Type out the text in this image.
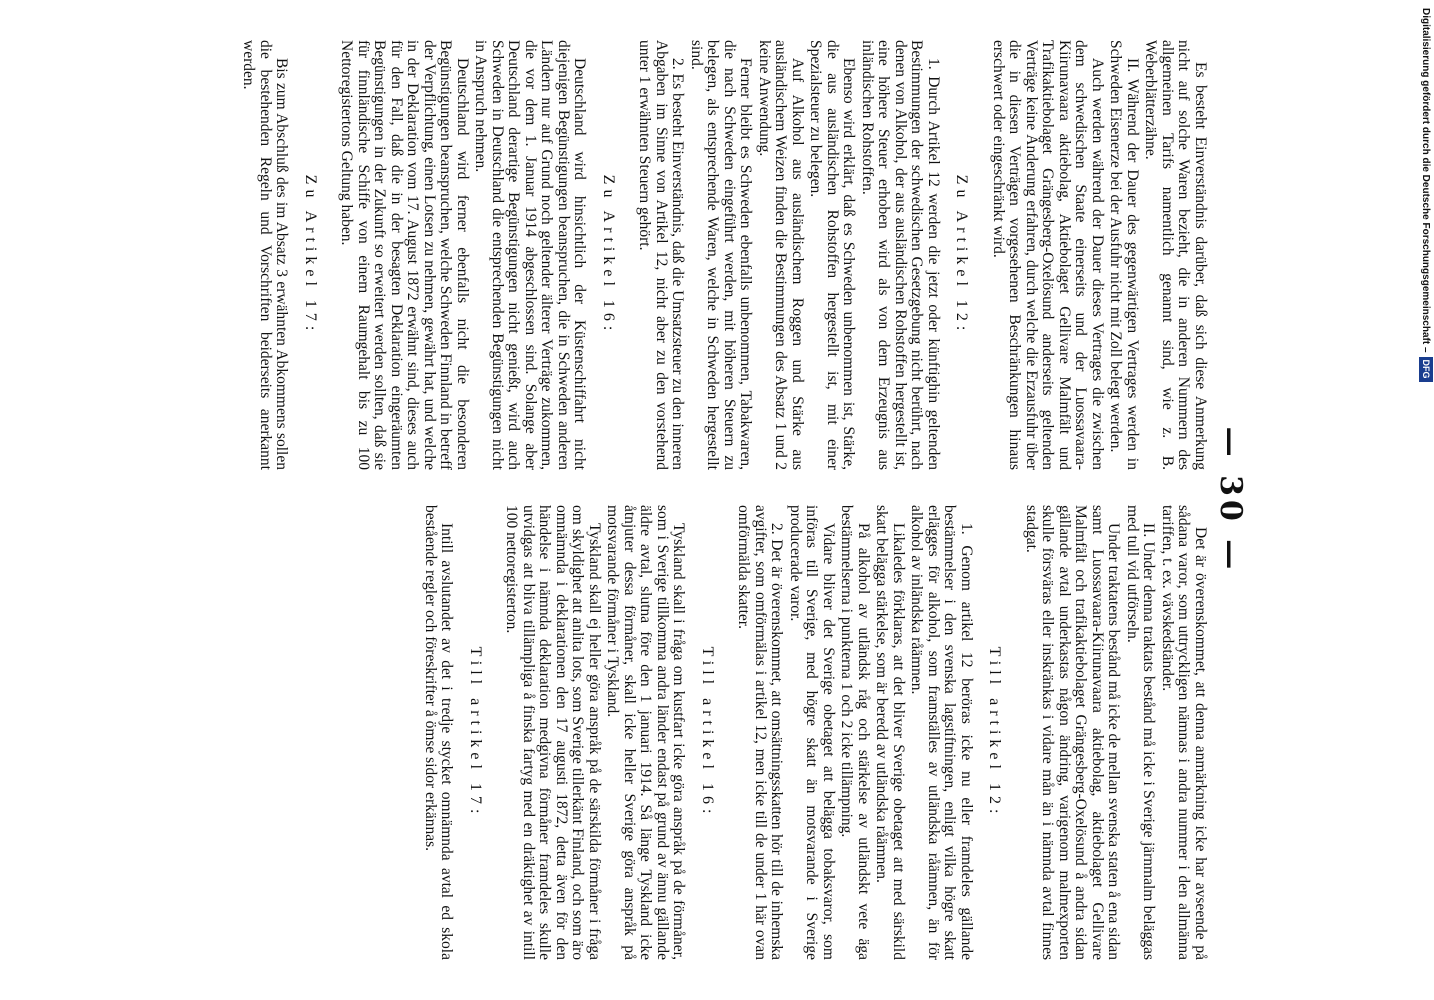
— 30 —

Es besteht Einverständnis darüber, daß sich diese Anmerkung nicht auf solche Waren bezieht, die in anderen Nummern des allgemeinen Tarifs namentlich genannt sind, wie z. B. Weberblätterzähne.

II. Während der Dauer des gegenwärtigen Vertrages werden in Schweden Eisenerze bei der Ausfuhr nicht mit Zoll belegt werden.

Auch werden während der Dauer dieses Vertrages die zwischen dem schwedischen Staate einerseits und der Luossavaara-Kiirunavaara aktiebolag, Aktiebolaget Gellivare Malmfält und Trafikaktiebolaget Grängesberg-Oxelösund anderseits geltenden Verträge keine Änderung erfahren, durch welche die Erzausfuhr über die in diesen Verträgen vorgesehenen Beschränkungen hinaus erschwert oder eingeschränkt wird.

Zu Artikel 12:

1. Durch Artikel 12 werden die jetzt oder künftighin geltenden Bestimmungen der schwedischen Gesetzgebung nicht berührt, nach denen von Alkohol, der aus ausländischen Rohstoffen hergestellt ist, eine höhere Steuer erhoben wird als von dem Erzeugnis aus inländischen Rohstoffen.

Ebenso wird erklärt, daß es Schweden unbenommen ist, Stärke, die aus ausländischen Rohstoffen hergestellt ist, mit einer Spezialsteuer zu belegen.

Auf Alkohol aus ausländischem Roggen und Stärke aus ausländischem Weizen finden die Bestimmungen des Absatz 1 und 2 keine Anwendung.

Ferner bleibt es Schweden ebenfalls unbenommen, Tabakwaren, die nach Schweden eingeführt werden, mit höheren Steuern zu belegen, als entsprechende Waren, welche in Schweden hergestellt sind.

2. Es besteht Einverständnis, daß die Umsatzsteuer zu den inneren Abgaben im Sinne von Artikel 12, nicht aber zu den vorstehend unter 1 erwähnten Steuern gehört.

Zu Artikel 16:

Deutschland wird hinsichtlich der Küstenschiffahrt nicht diejenigen Begünstigungen beanspruchen, die in Schweden anderen Ländern nur auf Grund noch geltender älterer Verträge zukommen, die vor dem 1. Januar 1914 abgeschlossen sind. Solange aber Deutschland derartige Begünstigungen nicht genießt, wird auch Schweden in Deutschland die entsprechenden Begünstigungen nicht in Anspruch nehmen.

Deutschland wird ferner ebenfalls nicht die besonderen Begünstigungen beanspruchen, welche Schweden Finnland in betreff der Verpflichtung, einen Lotsen zu nehmen, gewährt hat, und welche in der Deklaration vom 17. August 1872 erwähnt sind, dieses auch für den Fall, daß die in der besagten Deklaration eingeräumten Begünstigungen in der Zukunft so erweitert werden sollten, daß sie für finnländische Schiffe von einem Raumgehalt bis zu 100 Nettoregistertons Geltung haben.

Zu Artikel 17:

Bis zum Abschluß des im Absatz 3 erwähnten Abkommens sollen die bestehenden Regeln und Vorschriften beiderseits anerkannt werden.

Det är överenskommet, att denna anmärkning icke har avseende på sådana varor, som uttryckligen nämnas i andra nummer i den allmänna tariffen, t. ex. vävskedständer.

II. Under denna traktats bestånd må icke i Sverige järnmalm beläggas med tull vid utförseln.

Under traktatens bestånd må icke de mellan svenska staten å ena sidan samt Luossavaara-Kiirunavaara aktiebolag, aktiebolaget Gellivare Malmfält och trafikaktiebolaget Grängesberg-Oxelösund å andra sidan gällande avtal underkastas någon ändring, varigenom malmexporten skulle försväras eller inskränkas i vidare mån än i nämnda avtal finnes stadgat.

Till artikel 12:

1. Genom artikel 12 beröras icke nu eller framdeles gällande bestämmelser i den svenska lagstiftningen, enligt vilka högre skatt erlägges för alkohol, som framställes av utländska råämnen, än för alkohol av inländska råämnen.

Likaledes förklaras, att det bliver Sverige obetaget att med särskild skatt belägga stärkelse, som är beredd av utländska råämnen.

På alkohol av utländsk råg och stärkelse av utländskt vete äga bestämmelserna i punkterna 1 och 2 icke tillämpning.

Vidare bliver det Sverige obetaget att belägga tobaksvaror, som införas till Sverige, med högre skatt än motsvarande i Sverige producerade varor.

2. Det är överenskommet, att omsättningsskatten hör till de inhemska avgifter, som omförmälas i artikel 12, men icke till de under 1 här ovan omförmälda skatter.

Till artikel 16:

Tyskland skall i fråga om kustfart icke göra anspråk på de förmåner, som i Sverige tillkomma andra länder endast på grund av ännu gällande äldre avtal, slutna före den 1 januari 1914. Så länge Tyskland icke åtnjuter dessa förmåner, skall icke heller Sverige göra anspråk på motsvarande förmåner i Tyskland.

Tyskland skall ej heller göra anspråk på de särskilda förmåner i fråga om skyldighet att anlita lots, som Sverige tillerkänt Finland, och som äro omnämnda i deklarationen den 17 augusti 1872, detta även för den händelse i nämnda deklaration medgivna förmåner framdeles skulle utvidgas att bliva tillämpliga å finska fartyg med en dräktighet av intill 100 nettoregisterton.

Till artikel 17:

Intill avslutandet av det i tredje stycket omnämnda avtal ed skola bestående regler och föreskrifter å ömse sidor erkännas.

Digitalisierung gefördert durch die Deutsche Forschungsgemeinschaft –DFG
